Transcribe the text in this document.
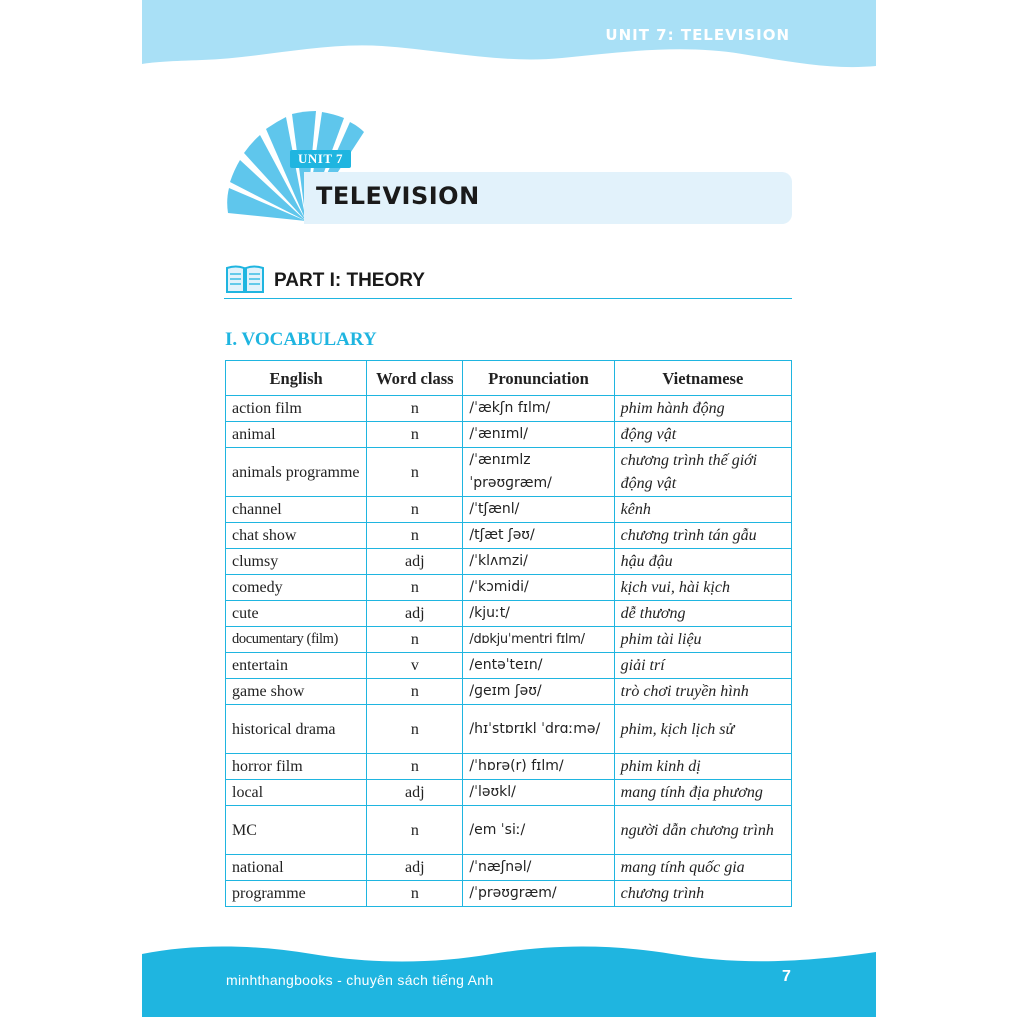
UNIT 7: TELEVISION
UNIT 7
TELEVISION
PART I: THEORY
I. VOCABULARY
English	Word class	Pronunciation	Vietnamese
action film	n	/ˈækʃn fɪlm/	phim hành động
animal	n	/ˈænɪml/	động vật
animals programme	n	/ˈænɪmlz ˈprəʊɡræm/	chương trình thế giới động vật
channel	n	/ˈtʃænl/	kênh
chat show	n	/tʃæt ʃəʊ/	chương trình tán gẫu
clumsy	adj	/ˈklʌmzi/	hậu đậu
comedy	n	/ˈkɔmidi/	kịch vui, hài kịch
cute	adj	/kjuːt/	dễ thương
documentary (film)	n	/dɒkjuˈmentri fɪlm/	phim tài liệu
entertain	v	/entəˈteɪn/	giải trí
game show	n	/ɡeɪm ʃəʊ/	trò chơi truyền hình
historical drama	n	/hɪˈstɒrɪkl ˈdrɑːmə/	phim, kịch lịch sử
horror film	n	/ˈhɒrə(r) fɪlm/	phim kinh dị
local	adj	/ˈləʊkl/	mang tính địa phương
MC	n	/em ˈsiː/	người dẫn chương trình
national	adj	/ˈnæʃnəl/	mang tính quốc gia
programme	n	/ˈprəʊɡræm/	chương trình
minhthangbooks - chuyên sách tiếng Anh	7
